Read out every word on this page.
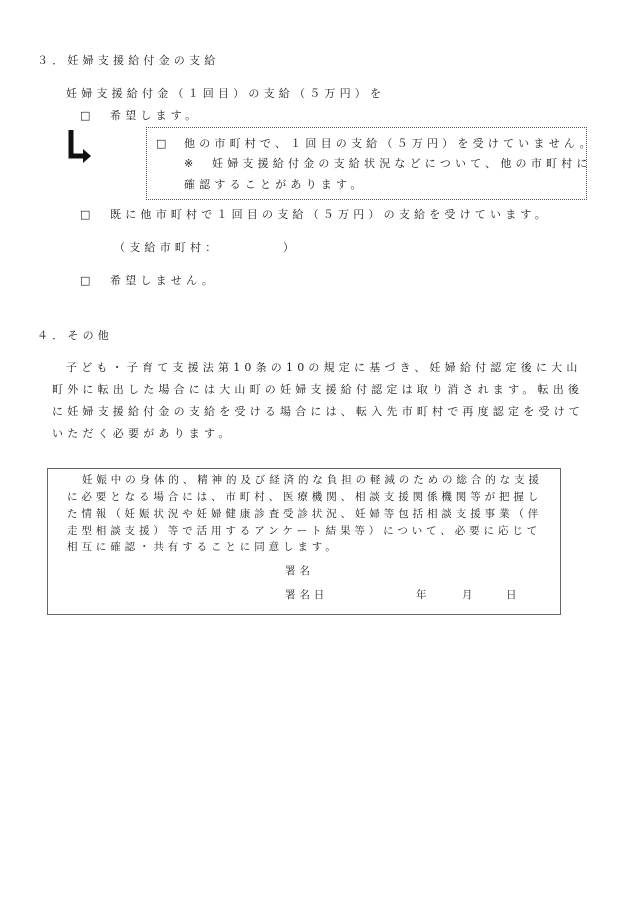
３．妊婦支援給付金の支給
妊婦支援給付金（１回目）の支給（５万円）を
□ 希望します。
□ 他の市町村で、１回目の支給（５万円）を受けていません。
※ 妊婦支援給付金の支給状況などについて、他の市町村に
確認することがあります。
□ 既に他市町村で１回目の支給（５万円）の支給を受けています。
（支給市町村：	）
□ 希望しません。
４．その他
子ども・子育て支援法第10条の10の規定に基づき、妊婦給付認定後に大山
町外に転出した場合には大山町の妊婦支援給付認定は取り消されます。転出後
に妊婦支援給付金の支給を受ける場合には、転入先市町村で再度認定を受けて
いただく必要があります。
妊娠中の身体的、精神的及び経済的な負担の軽減のための総合的な支援
に必要となる場合には、市町村、医療機関、相談支援関係機関等が把握し
た情報（妊娠状況や妊婦健康診査受診状況、妊婦等包括相談支援事業（伴
走型相談支援）等で活用するアンケート結果等）について、必要に応じて
相互に確認・共有することに同意します。
署名
署名日	年	月	日
